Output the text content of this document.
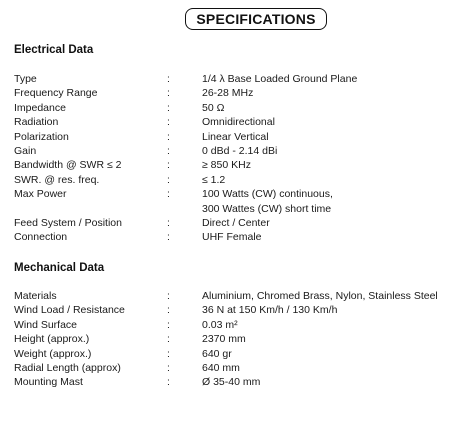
SPECIFICATIONS
Electrical Data
Type	:	1/4 λ Base Loaded Ground Plane
Frequency Range	:	26-28 MHz
Impedance	:	50 Ω
Radiation	:	Omnidirectional
Polarization	:	Linear Vertical
Gain	:	0 dBd - 2.14 dBi
Bandwidth @ SWR ≤ 2	:	≥ 850 KHz
SWR. @ res. freq.	:	≤ 1.2
Max Power	:	100 Watts (CW) continuous,
300 Wattes (CW) short time
Feed System / Position	:	Direct / Center
Connection	:	UHF Female
Mechanical Data
Materials	:	Aluminium, Chromed Brass, Nylon, Stainless Steel
Wind Load / Resistance	:	36 N at 150 Km/h / 130 Km/h
Wind Surface	:	0.03 m²
Height (approx.)	:	2370 mm
Weight (approx.)	:	640 gr
Radial Length (approx)	:	640 mm
Mounting Mast	:	Ø 35-40 mm
